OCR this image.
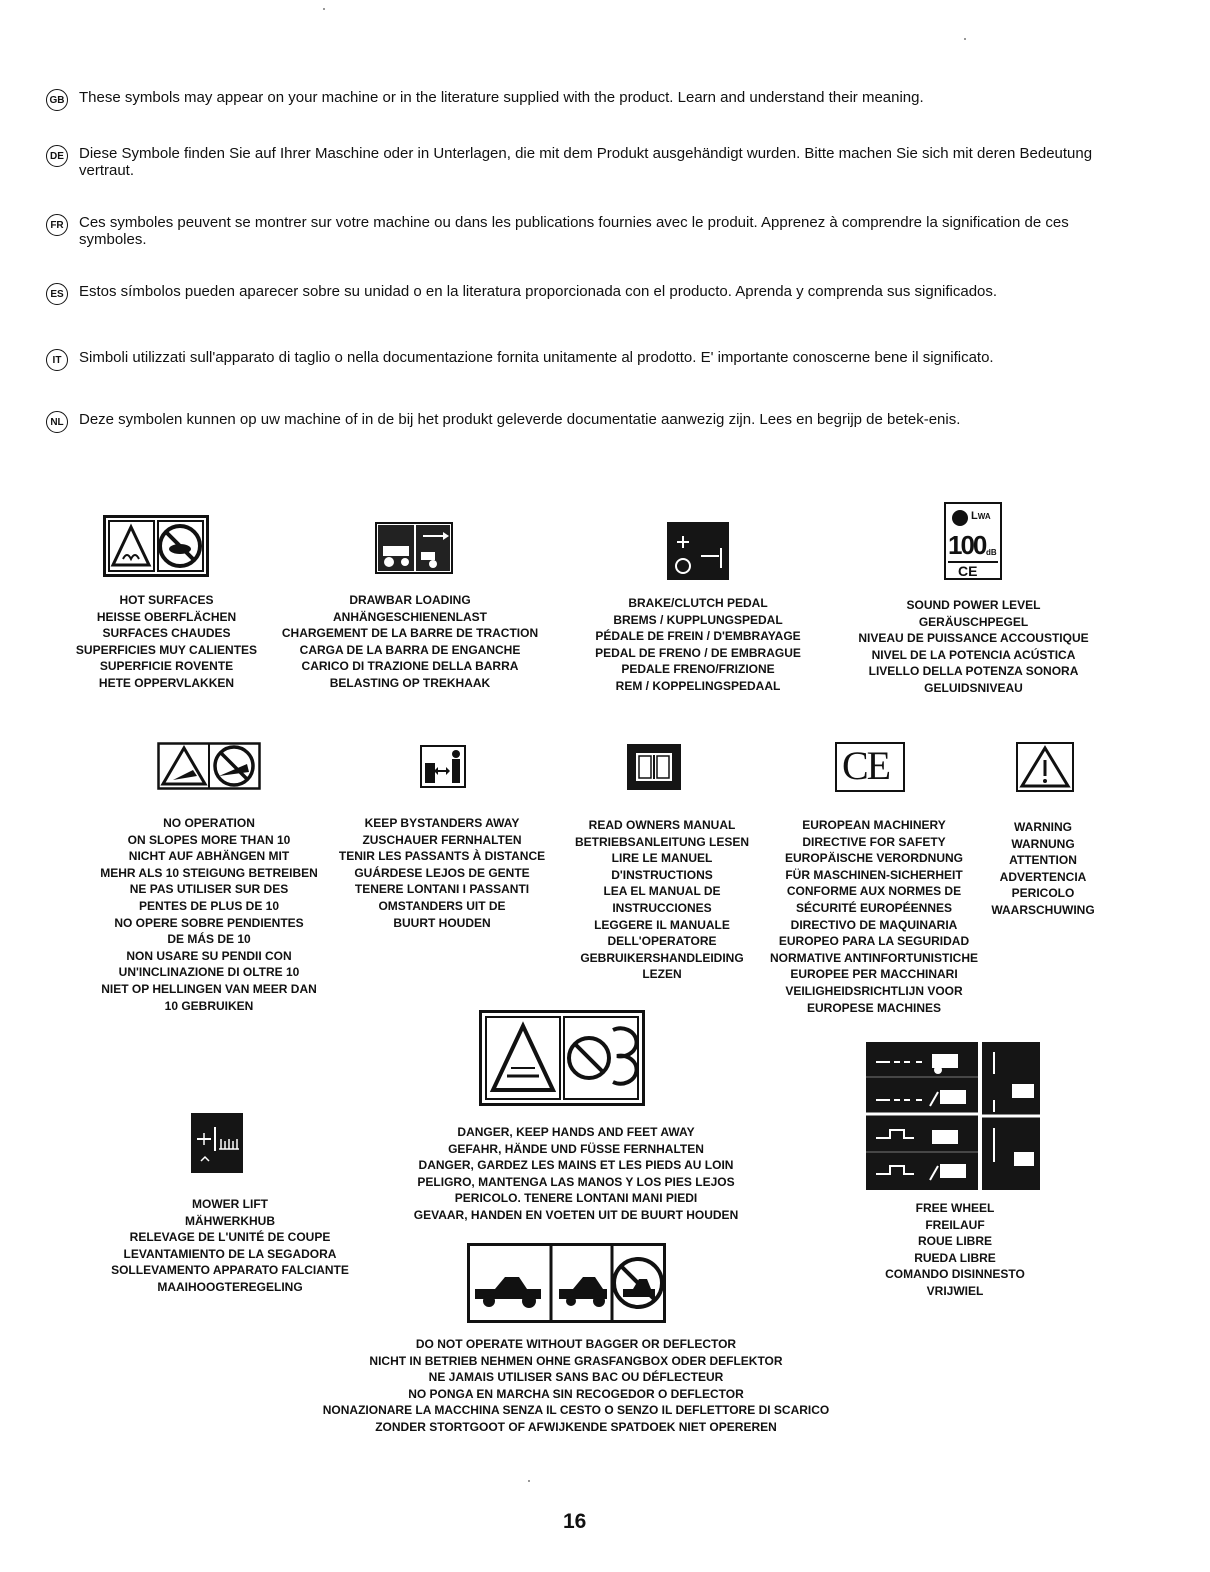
GB These symbols may appear on your machine or in the literature supplied with the product. Learn and understand their meaning.
DE Diese Symbole finden Sie auf Ihrer Maschine oder in Unterlagen, die mit dem Produkt ausgehändigt wurden. Bitte machen Sie sich mit deren Bedeutung vertraut.
FR Ces symboles peuvent se montrer sur votre machine ou dans les publications fournies avec le produit. Apprenez à comprendre la signification de ces symboles.
ES Estos símbolos pueden aparecer sobre su unidad o en la literatura proporcionada con el producto. Aprenda y comprenda sus significados.
IT	Simboli utilizzati sull'apparato di taglio o nella documentazione fornita unitamente al prodotto. E' importante conoscerne bene il significato.
NL Deze symbolen kunnen op uw machine of in de bij het produkt geleverde documentatie aanwezig zijn. Lees en begrijp de betek-enis.
HOT SURFACES
HEISSE OBERFLÄCHEN
SURFACES CHAUDES
SUPERFICIES MUY CALIENTES
SUPERFICIE ROVENTE
HETE OPPERVLAKKEN
DRAWBAR LOADING
ANHÄNGESCHIENENLAST
CHARGEMENT DE LA BARRE DE TRACTION
CARGA DE LA BARRA DE ENGANCHE
CARICO DI TRAZIONE DELLA BARRA
BELASTING OP TREKHAAK
BRAKE/CLUTCH PEDAL
BREMS / KUPPLUNGSPEDAL
PÉDALE DE FREIN / D'EMBRAYAGE
PEDAL DE FRENO / DE EMBRAGUE
PEDALE FRENO/FRIZIONE
REM / KOPPELINGSPEDAAL
LWA
100 dB
CE
SOUND POWER LEVEL
GERÄUSCHPEGEL
NIVEAU DE PUISSANCE ACCOUSTIQUE
NIVEL DE LA POTENCIA ACÚSTICA
LIVELLO DELLA POTENZA SONORA
GELUIDSNIVEAU
NO OPERATION
ON SLOPES MORE THAN 10
NICHT AUF ABHÄNGEN MIT
MEHR ALS 10 STEIGUNG BETREIBEN
NE PAS UTILISER SUR DES
PENTES DE PLUS DE 10
NO OPERE SOBRE PENDIENTES
DE MÁS DE 10
NON USARE SU PENDII CON
UN'INCLINAZIONE DI OLTRE 10
NIET OP HELLINGEN VAN MEER DAN
10 GEBRUIKEN
KEEP BYSTANDERS AWAY
ZUSCHAUER FERNHALTEN
TENIR LES PASSANTS À DISTANCE
GUÁRDESE LEJOS DE GENTE
TENERE LONTANI I PASSANTI
OMSTANDERS UIT DE
BUURT HOUDEN
READ OWNERS MANUAL
BETRIEBSANLEITUNG LESEN
LIRE LE MANUEL
D'INSTRUCTIONS
LEA EL MANUAL DE
INSTRUCCIONES
LEGGERE IL MANUALE
DELL'OPERATORE
GEBRUIKERSHANDLEIDING
LEZEN
CE
EUROPEAN MACHINERY
DIRECTIVE FOR SAFETY
EUROPÄISCHE VERORDNUNG
FÜR MASCHINEN-SICHERHEIT
CONFORME AUX NORMES DE
SÉCURITÉ EUROPÉENNES
DIRECTIVO DE MAQUINARIA
EUROPEO PARA LA SEGURIDAD
NORMATIVE ANTINFORTUNISTICHE
EUROPEE PER MACCHINARI
VEILIGHEIDSRICHTLIJN VOOR
EUROPESE MACHINES
WARNING
WARNUNG
ATTENTION
ADVERTENCIA
PERICOLO
WAARSCHUWING
DANGER, KEEP HANDS AND FEET AWAY
GEFAHR, HÄNDE UND FÜSSE FERNHALTEN
DANGER, GARDEZ LES MAINS ET LES PIEDS AU LOIN
PELIGRO, MANTENGA LAS MANOS Y LOS PIES LEJOS
PERICOLO. TENERE LONTANI MANI PIEDI
GEVAAR, HANDEN EN VOETEN UIT DE BUURT HOUDEN
MOWER LIFT
MÄHWERKHUB
RELEVAGE DE L'UNITÉ DE COUPE
LEVANTAMIENTO DE LA SEGADORA
SOLLEVAMENTO APPARATO FALCIANTE
MAAIHOOGTEREGELING
FREE WHEEL
FREILAUF
ROUE LIBRE
RUEDA LIBRE
COMANDO DISINNESTO
VRIJWIEL
DO NOT OPERATE WITHOUT BAGGER OR DEFLECTOR
NICHT IN BETRIEB NEHMEN OHNE GRASFANGBOX ODER DEFLEKTOR
NE JAMAIS UTILISER SANS BAC OU DÉFLECTEUR
NO PONGA EN MARCHA SIN RECOGEDOR O DEFLECTOR
NONAZIONARE LA MACCHINA SENZA IL CESTO O SENZO IL DEFLETTORE DI SCARICO
ZONDER STORTGOOT OF AFWIJKENDE SPATDOEK NIET OPEREREN
16
